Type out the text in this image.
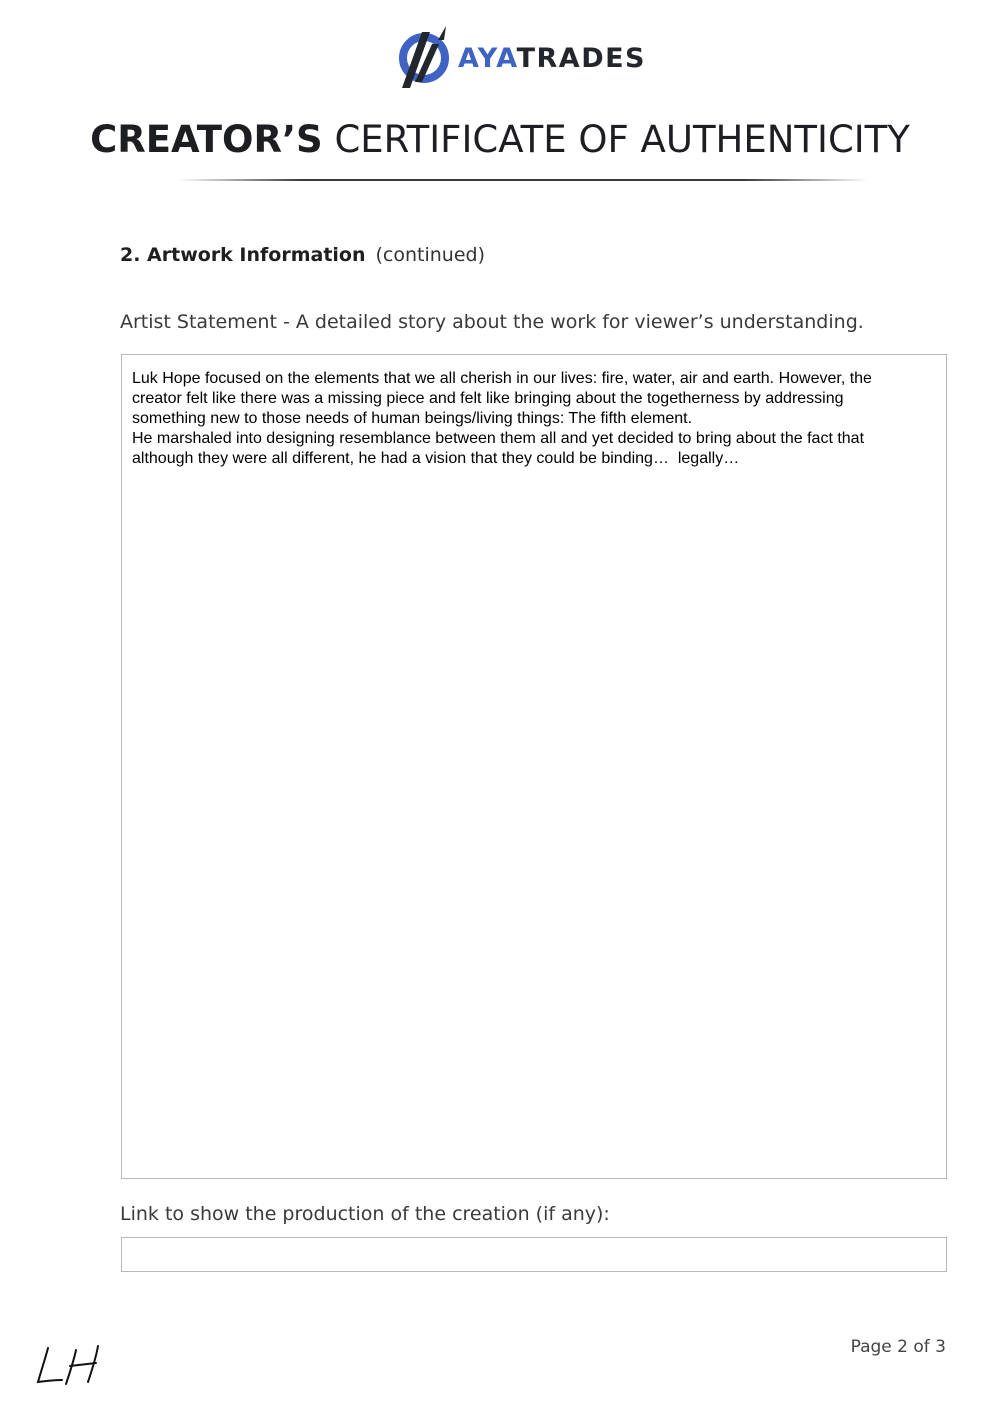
AYATRADES
CREATOR’S CERTIFICATE OF AUTHENTICITY
2. Artwork Information (continued)
Artist Statement - A detailed story about the work for viewer’s understanding.

Luk Hope focused on the elements that we all cherish in our lives: fire, water, air and earth. However, the
creator felt like there was a missing piece and felt like bringing about the togetherness by addressing
something new to those needs of human beings/living things: The fifth element.
He marshaled into designing resemblance between them all and yet decided to bring about the fact that
although they were all different, he had a vision that they could be binding…  legally…

Link to show the production of the creation (if any):
Page 2 of 3
